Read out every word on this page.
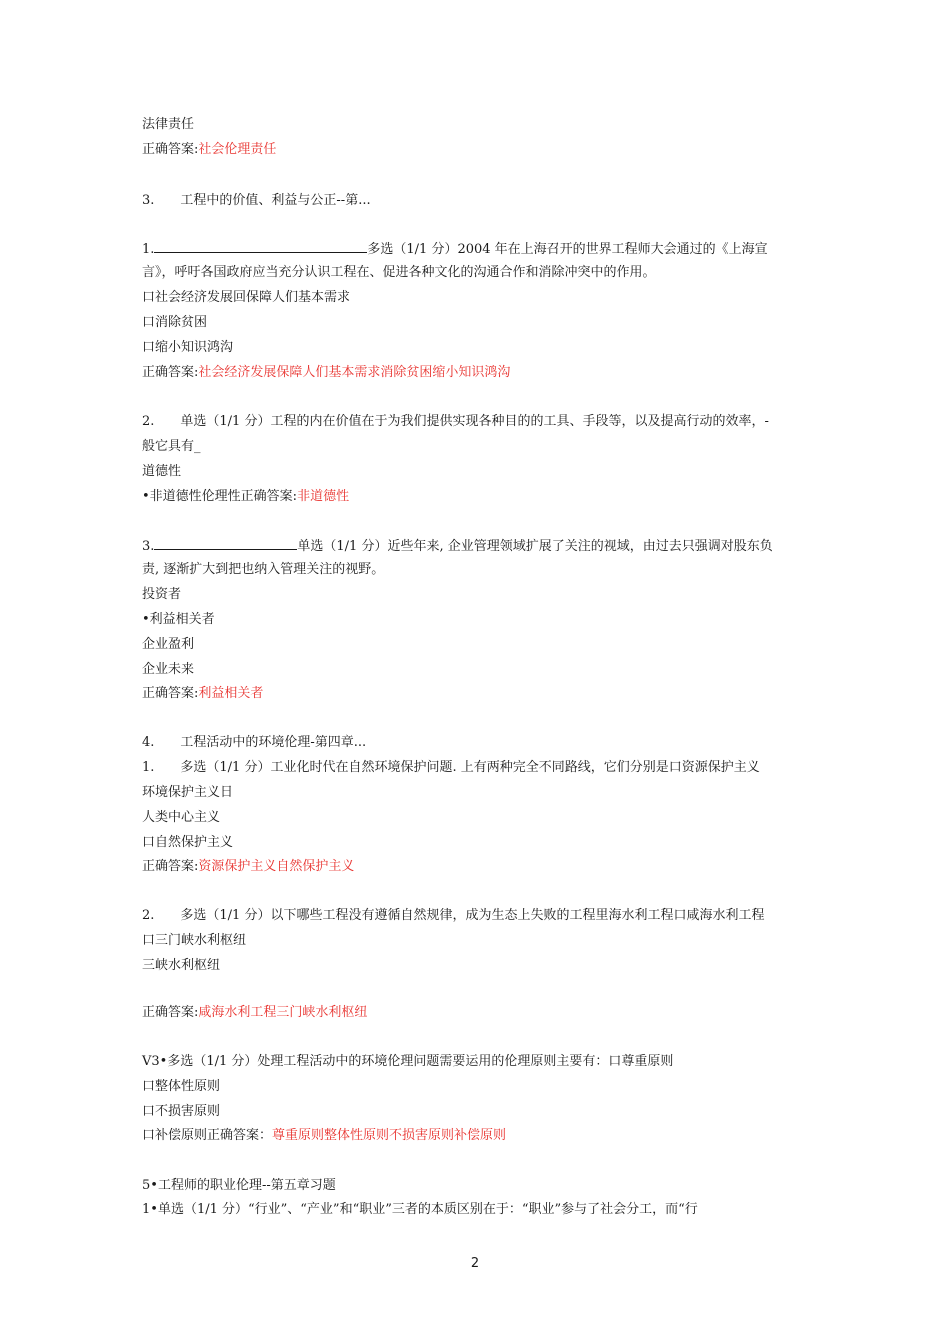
法律责任
正确答案:社会伦理责任
3.　　工程中的价值、利益与公正--第...
1.	多选（1/1 分）2004 年在上海召开的世界工程师大会通过的《上海宣
言》，呼吁各国政府应当充分认识工程在、促进各种文化的沟通合作和消除冲突中的作用。
口社会经济发展回保障人们基本需求
口消除贫困
口缩小知识鸿沟
正确答案:社会经济发展保障人们基本需求消除贫困缩小知识鸿沟
2.　　单选（1/1 分）工程的内在价值在于为我们提供实现各种目的的工具、手段等，以及提高行动的效率，-
般它具有_
道德性
•非道德性伦理性正确答案:非道德性
3.	单选（1/1 分）近些年来, 企业管理领域扩展了关注的视域，由过去只强调对股东负
责, 逐渐扩大到把也纳入管理关注的视野。
投资者
•利益相关者
企业盈利
企业未来
正确答案:利益相关者
4.　　工程活动中的环境伦理-第四章...
1.　　多选（1/1 分）工业化时代在自然环境保护问题. 上有两种完全不同路线，它们分别是口资源保护主义
环境保护主义日
人类中心主义
口自然保护主义
正确答案:资源保护主义自然保护主义
2.　　多选（1/1 分）以下哪些工程没有遵循自然规律，成为生态上失败的工程里海水利工程口咸海水利工程
口三门峡水利枢纽
三峡水利枢纽
正确答案:咸海水利工程三门峡水利枢纽
V3•多选（1/1 分）处理工程活动中的环境伦理问题需要运用的伦理原则主要有：口尊重原则
口整体性原则
口不损害原则
口补偿原则正确答案：尊重原则整体性原则不损害原则补偿原则
5•工程师的职业伦理--第五章习题
1•单选（1/1 分）“行业”、“产业”和“职业”三者的本质区别在于：“职业”参与了社会分工，而“行
2
